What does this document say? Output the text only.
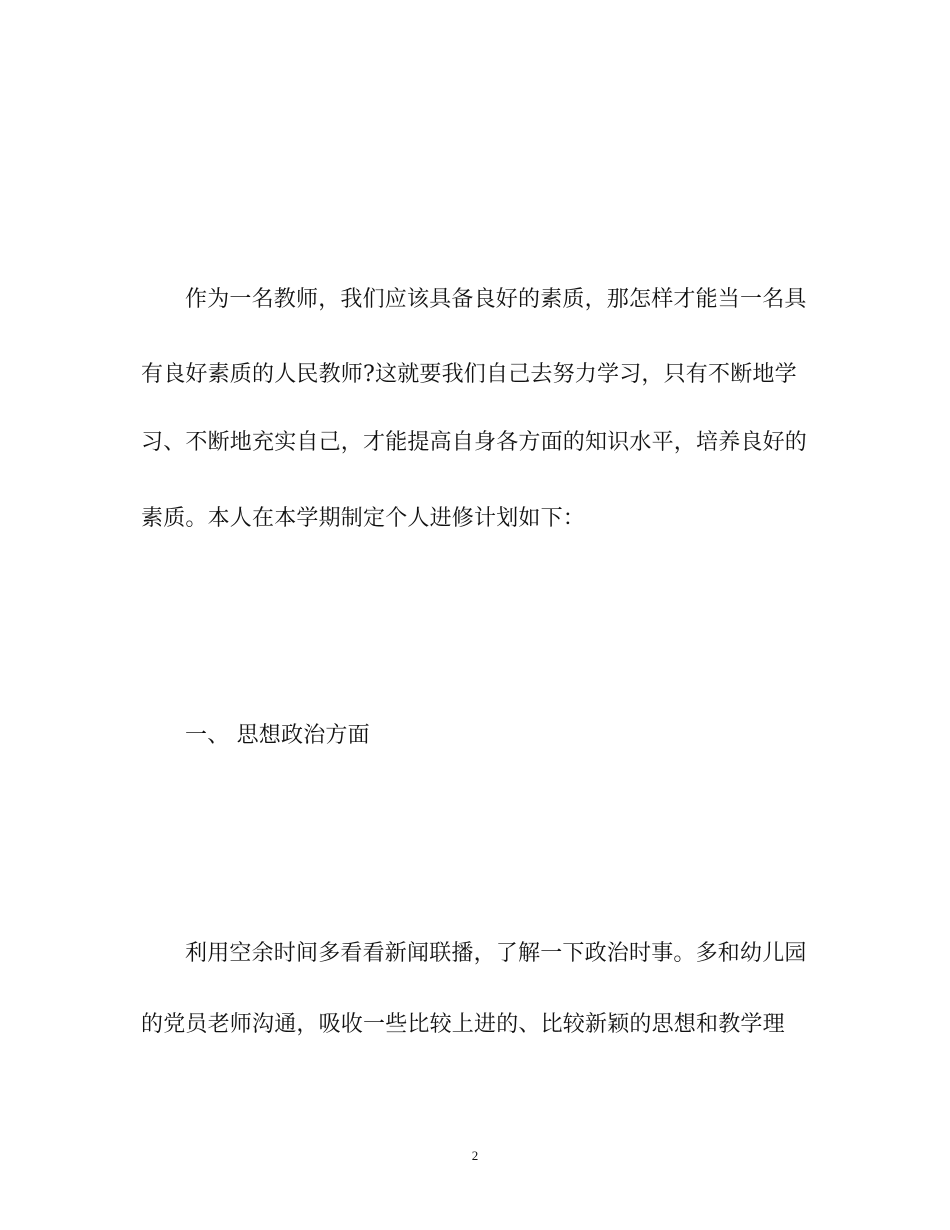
作为一名教师，我们应该具备良好的素质，那怎样才能当一名具
有良好素质的人民教师?这就要我们自己去努力学习，只有不断地学
习、不断地充实自己，才能提高自身各方面的知识水平，培养良好的
素质。本人在本学期制定个人进修计划如下：
一、 思想政治方面
利用空余时间多看看新闻联播，了解一下政治时事。多和幼儿园
的党员老师沟通，吸收一些比较上进的、比较新颖的思想和教学理
2
